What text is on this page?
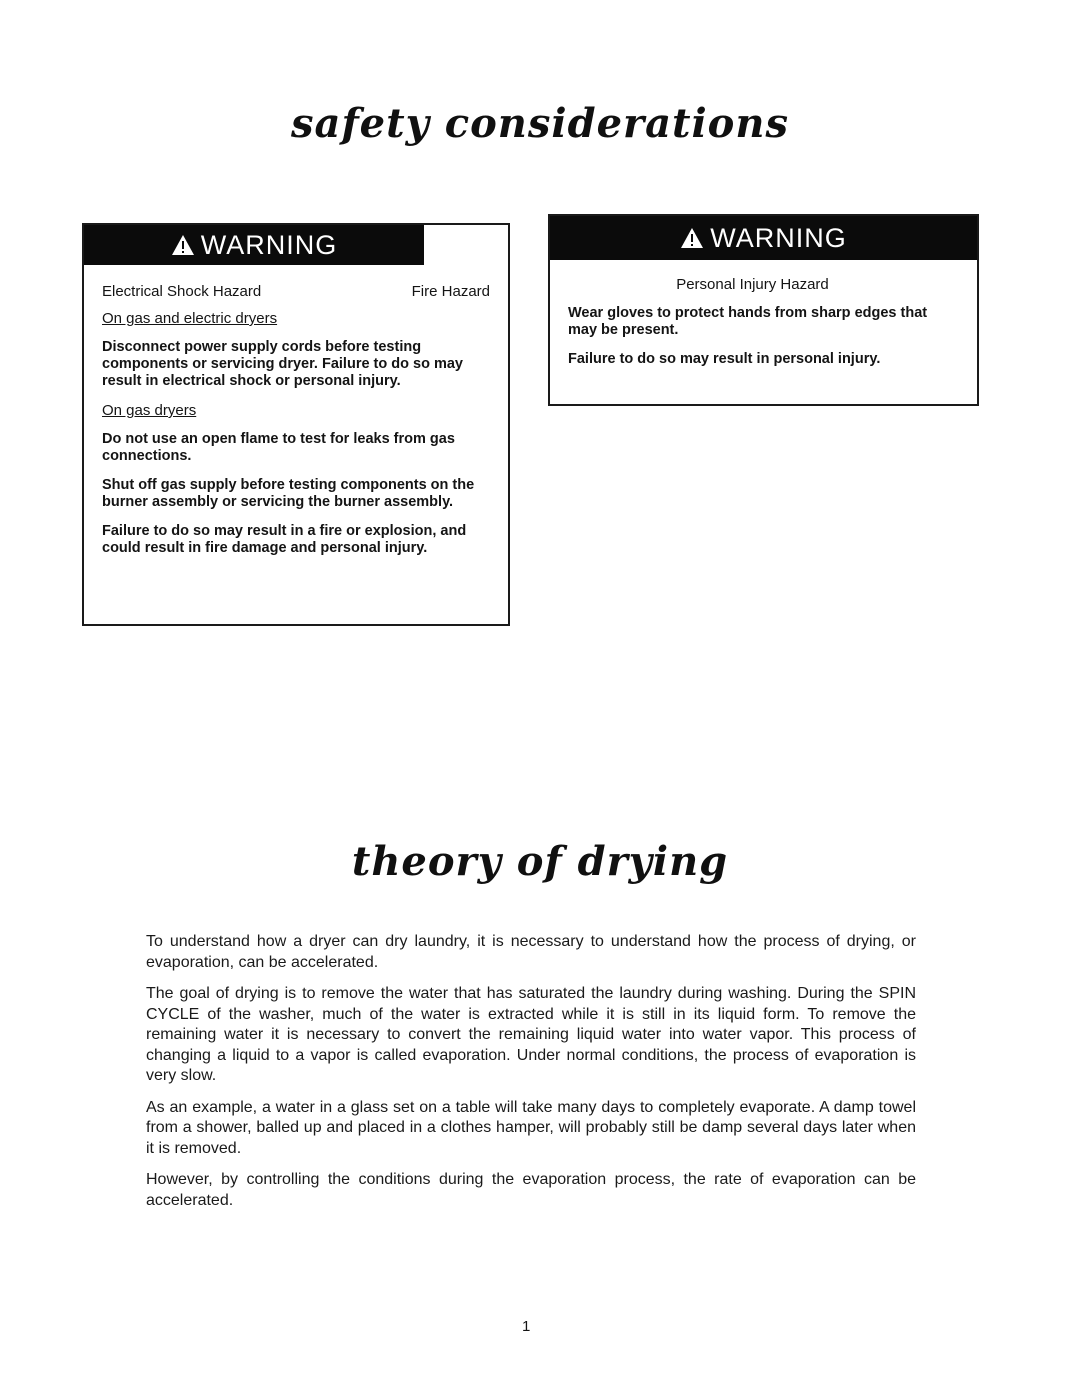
safety considerations
WARNING
Electrical Shock Hazard	Fire Hazard

On gas and electric dryers

Disconnect power supply cords before testing components or servicing dryer. Failure to do so may result in electrical shock or personal injury.

On gas dryers

Do not use an open flame to test for leaks from gas connections.

Shut off gas supply before testing components on the burner assembly or servicing the burner assembly.

Failure to do so may result in a fire or explosion, and could result in fire damage and personal injury.

WARNING

Personal Injury Hazard

Wear gloves to protect hands from sharp edges that may be present.

Failure to do so may result in personal injury.

theory of drying

To understand how a dryer can dry laundry, it is necessary to understand how the process of drying, or evaporation, can be accelerated.

The goal of drying is to remove the water that has saturated the laundry during washing. During the SPIN CYCLE of the washer, much of the water is extracted while it is still in its liquid form. To remove the remaining water it is necessary to convert the remaining liquid water into water vapor. This process of changing a liquid to a vapor is called evaporation. Under normal conditions, the process of evaporation is very slow.

As an example, a water in a glass set on a table will take many days to completely evaporate. A damp towel from a shower, balled up and placed in a clothes hamper, will probably still be damp several days later when it is removed.

However, by controlling the conditions during the evaporation process, the rate of evaporation can be accelerated.

1
